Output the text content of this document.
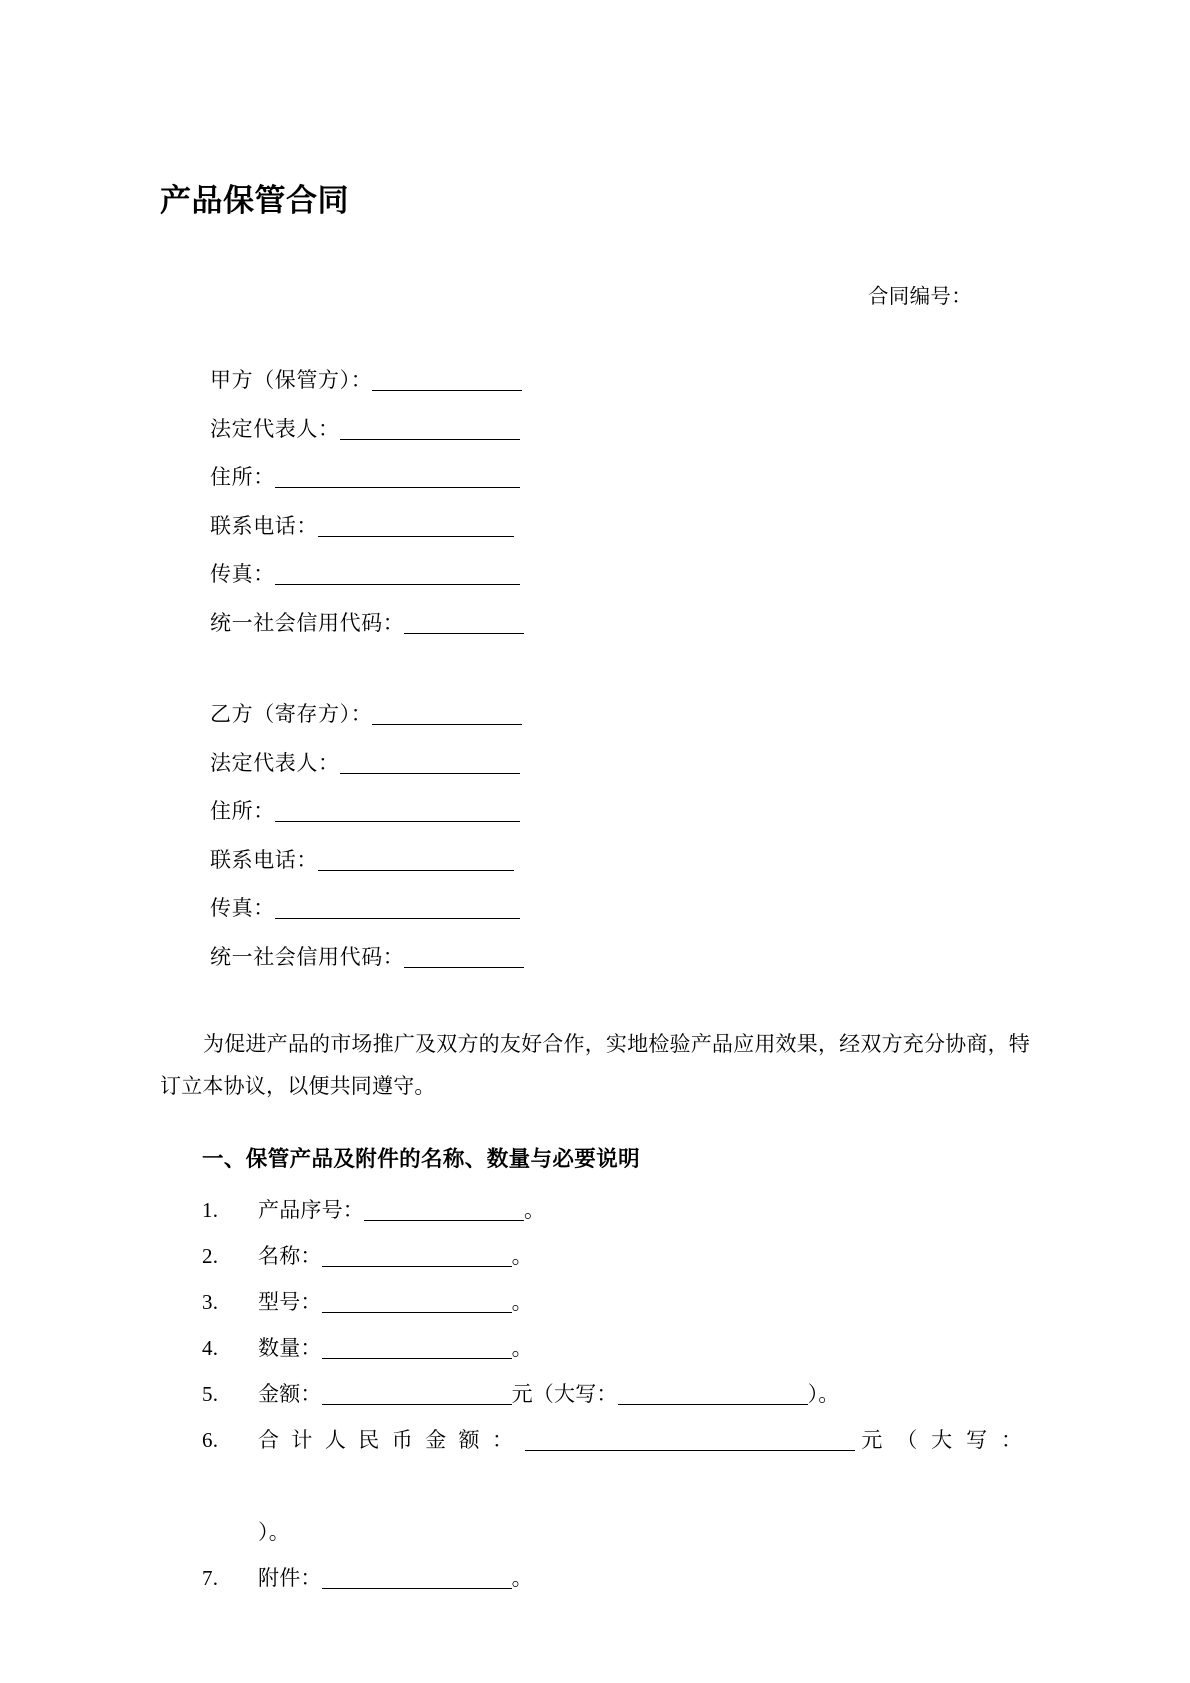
产品保管合同
合同编号：
甲方（保管方）：
法定代表人：
住所：
联系电话：
传真：
统一社会信用代码：
乙方（寄存方）：
法定代表人：
住所：
联系电话：
传真：
统一社会信用代码：

为促进产品的市场推广及双方的友好合作，实地检验产品应用效果，经双方充分协商，特订立本协议，以便共同遵守。

一、保管产品及附件的名称、数量与必要说明
1.	产品序号：	。
2.	名称：	。
3.	型号：	。
4.	数量：	。
5.	金额：	元（大写：	）。
6.	合计人民币金额：	元（大写：）。
7.	附件：	。
